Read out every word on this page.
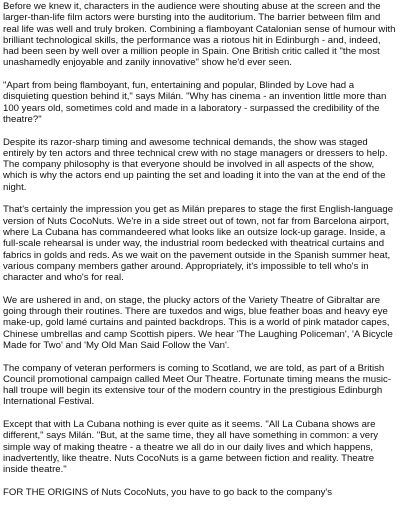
Before we knew it, characters in the audience were shouting abuse at the screen and the larger-than-life film actors were bursting into the auditorium. The barrier between film and real life was well and truly broken. Combining a flamboyant Catalonian sense of humour with brilliant technological skills, the performance was a riotous hit in Edinburgh - and, indeed, had been seen by well over a million people in Spain. One British critic called it "the most unashamedly enjoyable and zanily innovative" show he'd ever seen.

"Apart from being flamboyant, fun, entertaining and popular, Blinded by Love had a disquieting question behind it," says Milán. "Why has cinema - an invention little more than 100 years old, sometimes cold and made in a laboratory - surpassed the credibility of the theatre?"

Despite its razor-sharp timing and awesome technical demands, the show was staged entirely by ten actors and three technical crew with no stage managers or dressers to help. The company philosophy is that everyone should be involved in all aspects of the show, which is why the actors end up painting the set and loading it into the van at the end of the night.

That's certainly the impression you get as Milán prepares to stage the first English-language version of Nuts CocoNuts. We're in a side street out of town, not far from Barcelona airport, where La Cubana has commandeered what looks like an outsize lock-up garage. Inside, a full-scale rehearsal is under way, the industrial room bedecked with theatrical curtains and fabrics in golds and reds. As we wait on the pavement outside in the Spanish summer heat, various company members gather around. Appropriately, it's impossible to tell who's in character and who's for real.

We are ushered in and, on stage, the plucky actors of the Variety Theatre of Gibraltar are going through their routines. There are tuxedos and wigs, blue feather boas and heavy eye make-up, gold lamé curtains and painted backdrops. This is a world of pink matador capes, Chinese umbrellas and camp Scottish pipers. We hear 'The Laughing Policeman', 'A Bicycle Made for Two' and 'My Old Man Said Follow the Van'.

The company of veteran performers is coming to Scotland, we are told, as part of a British Council promotional campaign called Meet Our Theatre. Fortunate timing means the music-hall troupe will begin its extensive tour of the modern country in the prestigious Edinburgh International Festival.

Except that with La Cubana nothing is ever quite as it seems. "All La Cubana shows are different," says Milán. "But, at the same time, they all have something in common: a very simple way of making theatre - a theatre we all do in our daily lives and which happens, inadvertently, like theatre. Nuts CocoNuts is a game between fiction and reality. Theatre inside theatre."

FOR THE ORIGINS of Nuts CocoNuts, you have to go back to the company's
